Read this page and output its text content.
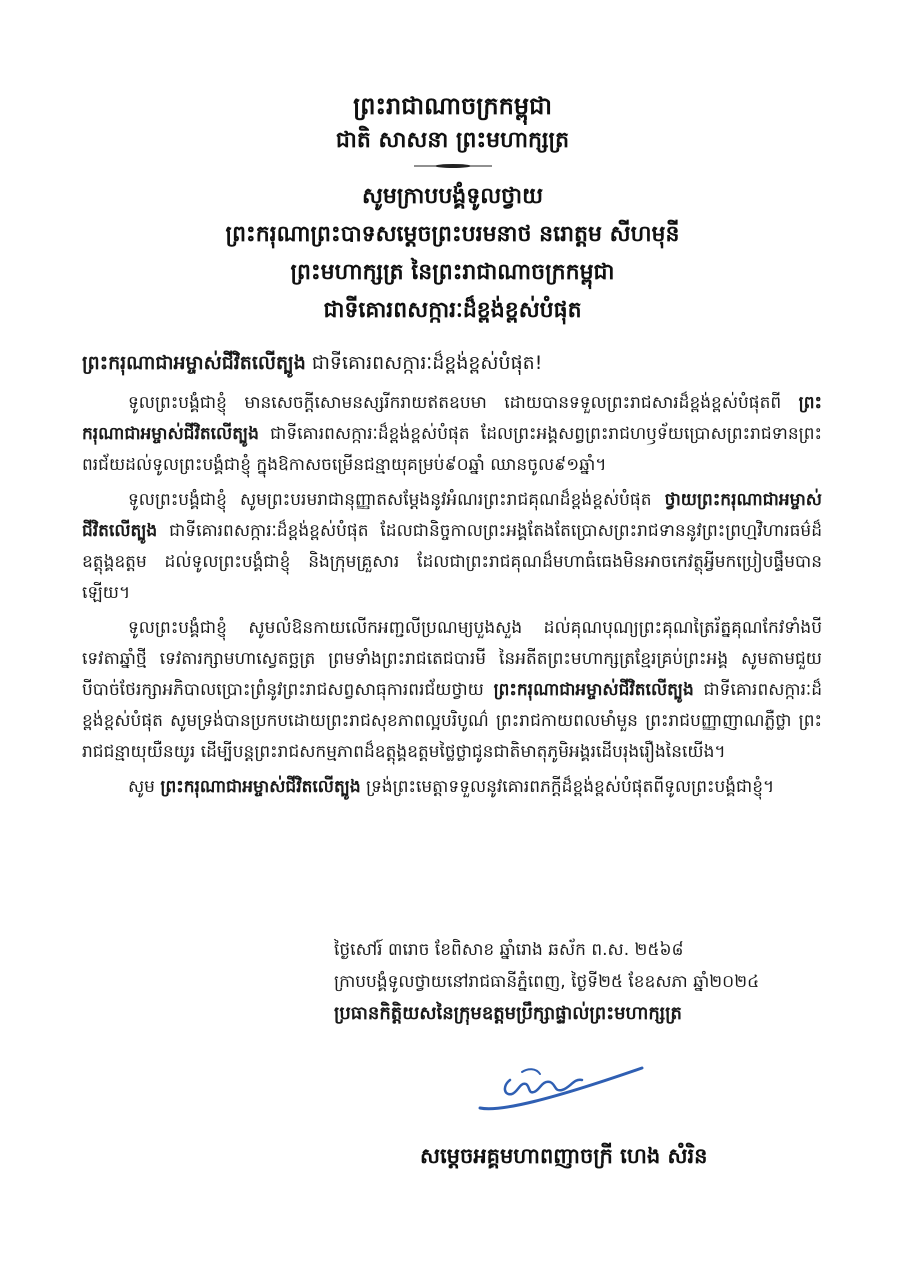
ព្រះរាជាណាចក្រកម្ពុជា
ជាតិ សាសនា ព្រះមហាក្សត្រ
សូមក្រាបបង្គំទូលថ្វាយ
ព្រះករុណាព្រះបាទសម្តេចព្រះបរមនាថ នរោត្តម សីហមុនី
ព្រះមហាក្សត្រ នៃព្រះរាជាណាចក្រកម្ពុជា
ជាទីគោរពសក្ការៈដ៏ខ្ពង់ខ្ពស់បំផុត
ព្រះករុណាជាអម្ចាស់ជីវិតលើត្បូង ជាទីគោរពសក្ការៈដ៏ខ្ពង់ខ្ពស់បំផុត!

ទូលព្រះបង្គំជាខ្ញុំ មានសេចក្តីសោមនស្សរីករាយឥតឧបមា ដោយបានទទួលព្រះរាជសារដ៏ខ្ពង់ខ្ពស់បំផុតពី ព្រះករុណាជាអម្ចាស់ជីវិតលើត្បូង ជាទីគោរពសក្ការៈដ៏ខ្ពង់ខ្ពស់បំផុត ដែលព្រះអង្គសព្វព្រះរាជហឫទ័យប្រោសព្រះរាជទានព្រះពរជ័យដល់ទូលព្រះបង្គំជាខ្ញុំ ក្នុងឱកាសចម្រើនជន្មាយុគម្រប់៩០ឆ្នាំ ឈានចូល៩១ឆ្នាំ។

ទូលព្រះបង្គំជាខ្ញុំ សូមព្រះបរមរាជានុញ្ញាតសម្តែងនូវអំណរព្រះរាជគុណដ៏ខ្ពង់ខ្ពស់បំផុត ថ្វាយព្រះករុណាជាអម្ចាស់ជីវិតលើត្បូង ជាទីគោរពសក្ការៈដ៏ខ្ពង់ខ្ពស់បំផុត ដែលជានិច្ចកាលព្រះអង្គតែងតែប្រោសព្រះរាជទាននូវព្រះព្រហ្មវិហារធម៌ដ៏ឧត្តុង្គឧត្តម ដល់ទូលព្រះបង្គំជាខ្ញុំ និងក្រុមគ្រួសារ ដែលជាព្រះរាជគុណដ៏មហាធំធេងមិនអាចកេវត្ថុអ្វីមកប្រៀបផ្ទឹមបានឡើយ។

ទូលព្រះបង្គំជាខ្ញុំ សូមលំឱនកាយលើកអញ្ជលីប្រណម្យបួងសួង ដល់គុណបុណ្យព្រះគុណត្រៃរ័ត្នគុណកែវទាំងបី ទេវតាឆ្នាំថ្មី ទេវតារក្សាមហាស្វេតច្ឆត្រ ព្រមទាំងព្រះរាជតេជបារមី នៃអតីតព្រះមហាក្សត្រខ្មែរគ្រប់ព្រះអង្គ សូមតាមជួយបីបាច់ថែរក្សាអភិបាលប្រោះព្រំនូវព្រះរាជសព្វសាធុការពរជ័យថ្វាយ ព្រះករុណាជាអម្ចាស់ជីវិតលើត្បូង ជាទីគោរពសក្ការៈដ៏ខ្ពង់ខ្ពស់បំផុត សូមទ្រង់បានប្រកបដោយព្រះរាជសុខភាពល្អបរិបូណ៌ ព្រះរាជកាយពលមាំមួន ព្រះរាជបញ្ញាញាណភ្លឺថ្លា ព្រះរាជជន្មាយុយឺនយូរ ដើម្បីបន្តព្រះរាជសកម្មភាពដ៏ឧត្តុង្គឧត្តមថ្លៃថ្លាជូនជាតិមាតុភូមិអង្គរដើបរុងរឿងនៃយើង។

សូម ព្រះករុណាជាអម្ចាស់ជីវិតលើត្បូង ទ្រង់ព្រះមេត្តាទទួលនូវគោរពភក្តីដ៏ខ្ពង់ខ្ពស់បំផុតពីទូលព្រះបង្គំជាខ្ញុំ។

ថ្ងៃសៅរ៍ ៣រោច ខែពិសាខ ឆ្នាំរោង ឆស័ក ព.ស. ២៥៦៨
ក្រាបបង្គំទូលថ្វាយនៅរាជធានីភ្នំពេញ, ថ្ងៃទី២៥ ខែឧសភា ឆ្នាំ២០២៤
ប្រធានកិត្តិយសនៃក្រុមឧត្តមប្រឹក្សាផ្ទាល់ព្រះមហាក្សត្រ
សម្តេចអគ្គមហាពញាចក្រី ហេង សំរិន
